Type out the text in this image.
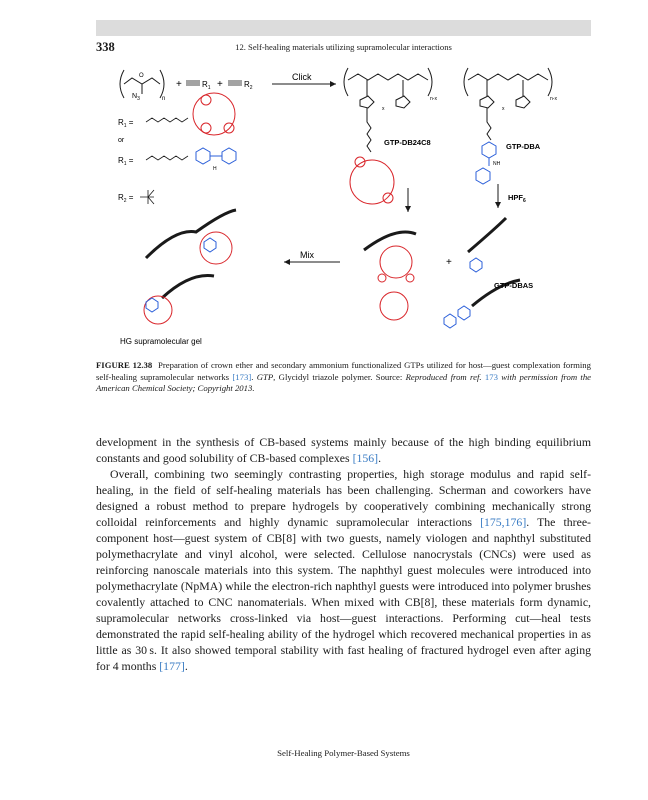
338	12. Self-healing materials utilizing supramolecular interactions
O
$N_3$	n
+	$R_1$ +	$R_2$
Click
$R_1$ =
or
$R_1$ =
H
$R_2$ =
x
n-x
GTP-DB24C8
x
n-x
NH
GTP-DBA
$HPF_6$
+
GTP-DBAS
Mix
HG supramolecular gel
FIGURE 12.38 Preparation of crown ether and secondary ammonium functionalized GTPs utilized for host—guest complexation forming self-healing supramolecular networks [173]. GTP, Glycidyl triazole polymer. Source: Reproduced from ref. 173 with permission from the American Chemical Society; Copyright 2013.

development in the synthesis of CB-based systems mainly because of the high binding equilibrium constants and good solubility of CB-based complexes [156].

Overall, combining two seemingly contrasting properties, high storage modulus and rapid self-healing, in the field of self-healing materials has been challenging. Scherman and coworkers have designed a robust method to prepare hydrogels by cooperatively combining mechanically strong colloidal reinforcements and highly dynamic supramolecular interactions [175,176]. The three-component host—guest system of CB[8] with two guests, namely viologen and naphthyl substituted polymethacrylate and vinyl alcohol, were selected. Cellulose nanocrystals (CNCs) were used as reinforcing nanoscale materials into this system. The naphthyl guest molecules were introduced into polymethacrylate (NpMA) while the electron-rich naphthyl guests were introduced into polymer brushes covalently attached to CNC nanomaterials. When mixed with CB[8], these materials form dynamic, supramolecular networks cross-linked via host—guest interactions. Performing cut—heal tests demonstrated the rapid self-healing ability of the hydrogel which recovered mechanical properties in as little as 30 s. It also showed temporal stability with fast healing of fractured hydrogel even after aging for 4 months [177].

Self-Healing Polymer-Based Systems
